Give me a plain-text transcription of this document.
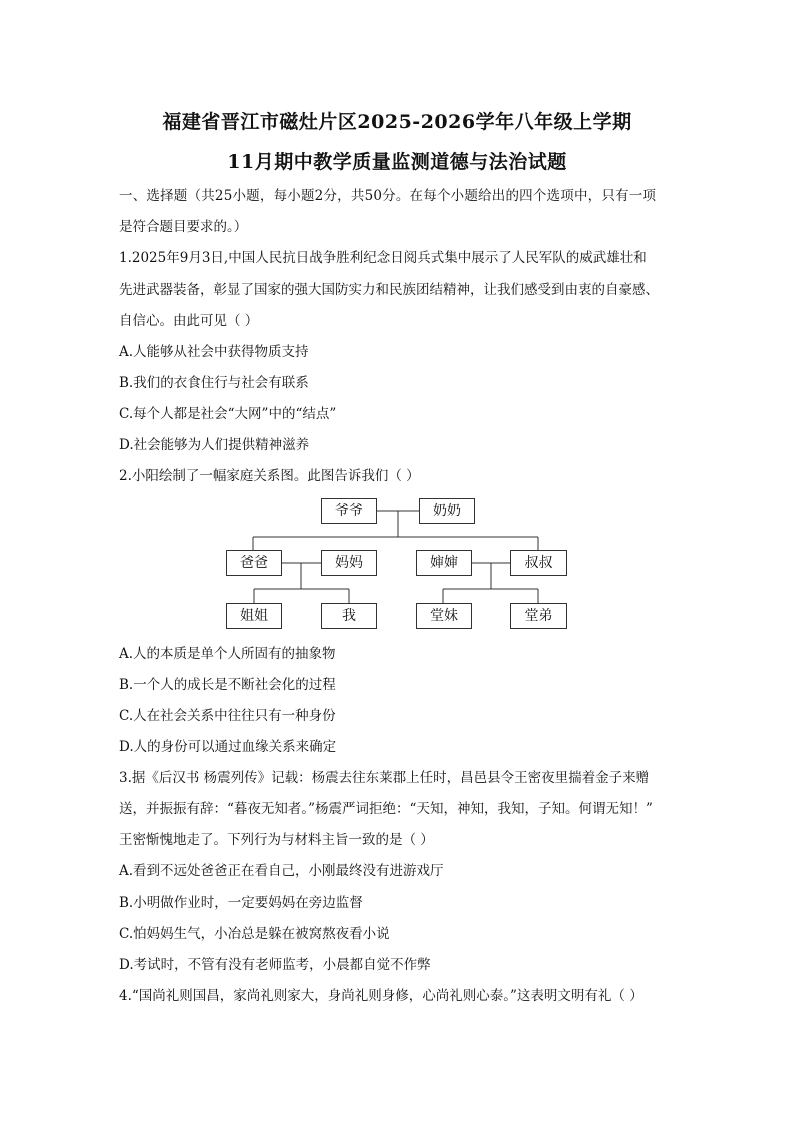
福建省晋江市磁灶片区2025-2026学年八年级上学期
11月期中教学质量监测道德与法治试题
一、选择题（共25小题，每小题2分，共50分。在每个小题给出的四个选项中，只有一项
是符合题目要求的。）
1.2025年9月3日,中国人民抗日战争胜利纪念日阅兵式集中展示了人民军队的威武雄壮和
先进武器装备，彰显了国家的强大国防实力和民族团结精神，让我们感受到由衷的自豪感、
自信心。由此可见（ ）
A.人能够从社会中获得物质支持
B.我们的衣食住行与社会有联系
C.每个人都是社会“大网”中的“结点”
D.社会能够为人们提供精神滋养
2.小阳绘制了一幅家庭关系图。此图告诉我们（ ）
爷爷	奶奶
爸爸	妈妈	婶婶	叔叔
姐姐	我	堂妹	堂弟
A.人的本质是单个人所固有的抽象物
B.一个人的成长是不断社会化的过程
C.人在社会关系中往往只有一种身份
D.人的身份可以通过血缘关系来确定
3.据《后汉书 杨震列传》记载：杨震去往东莱郡上任时，昌邑县令王密夜里揣着金子来赠
送，并振振有辞：“暮夜无知者。”杨震严词拒绝：“天知，神知，我知，子知。何谓无知！”
王密惭愧地走了。下列行为与材料主旨一致的是（ ）
A.看到不远处爸爸正在看自己，小刚最终没有进游戏厅
B.小明做作业时，一定要妈妈在旁边监督
C.怕妈妈生气，小冶总是躲在被窝熬夜看小说
D.考试时，不管有没有老师监考，小晨都自觉不作弊
4.“国尚礼则国昌，家尚礼则家大，身尚礼则身修，心尚礼则心泰。”这表明文明有礼（ ）
